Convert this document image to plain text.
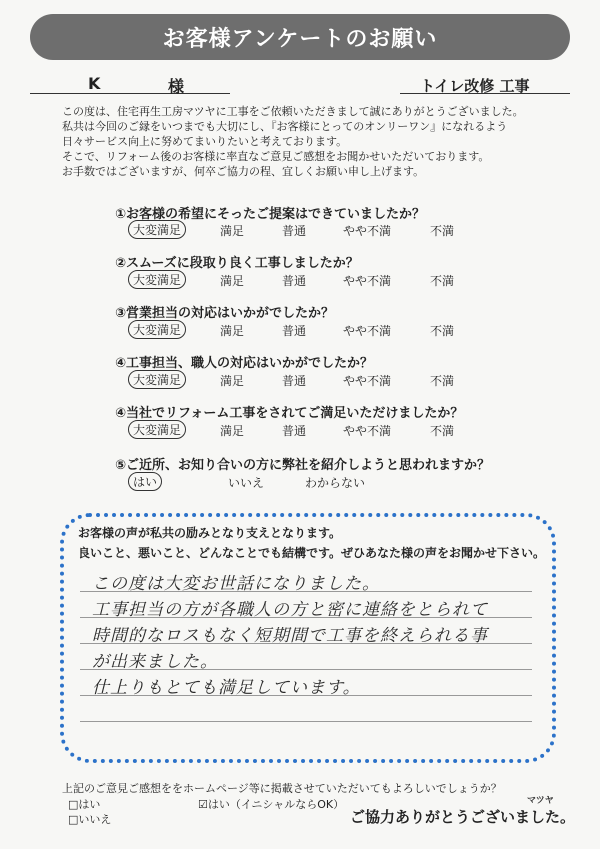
お客様アンケートのお願い
K	様	トイレ改修 工事
この度は、住宅再生工房マツヤに工事をご依頼いただきまして誠にありがとうございました。
私共は今回のご縁をいつまでも大切にし、『お客様にとってのオンリーワン』になれるよう
日々サービス向上に努めてまいりたいと考えております。
そこで、リフォーム後のお客様に率直なご意見ご感想をお聞かせいただいております。
お手数ではございますが、何卒ご協力の程、宜しくお願い申し上げます。
①お客様の希望にそったご提案はできていましたか？
大変満足	満足	普通	やや不満	不満
②スムーズに段取り良く工事しましたか？
大変満足	満足	普通	やや不満	不満
③営業担当の対応はいかがでしたか？
大変満足	満足	普通	やや不満	不満
④工事担当、職人の対応はいかがでしたか？
大変満足	満足	普通	やや不満	不満
④当社でリフォーム工事をされてご満足いただけましたか？
大変満足	満足	普通	やや不満	不満
⑤ご近所、お知り合いの方に弊社を紹介しようと思われますか？
はい	いいえ	わからない
お客様の声が私共の励みとなり支えとなります。
良いこと、悪いこと、どんなことでも結構です。ぜひあなた様の声をお聞かせ下さい。
この度は大変お世話になりました。
工事担当の方が各職人の方と密に連絡をとられて
時間的なロスもなく短期間で工事を終えられる事
が出来ました。
仕上りもとても満足しています。
上記のご意見ご感想ををホームページ等に掲載させていただいてもよろしいでしょうか？
□はい	☑はい（イニシャルならOK）
□いいえ
マツヤ
ご協力ありがとうございました。
